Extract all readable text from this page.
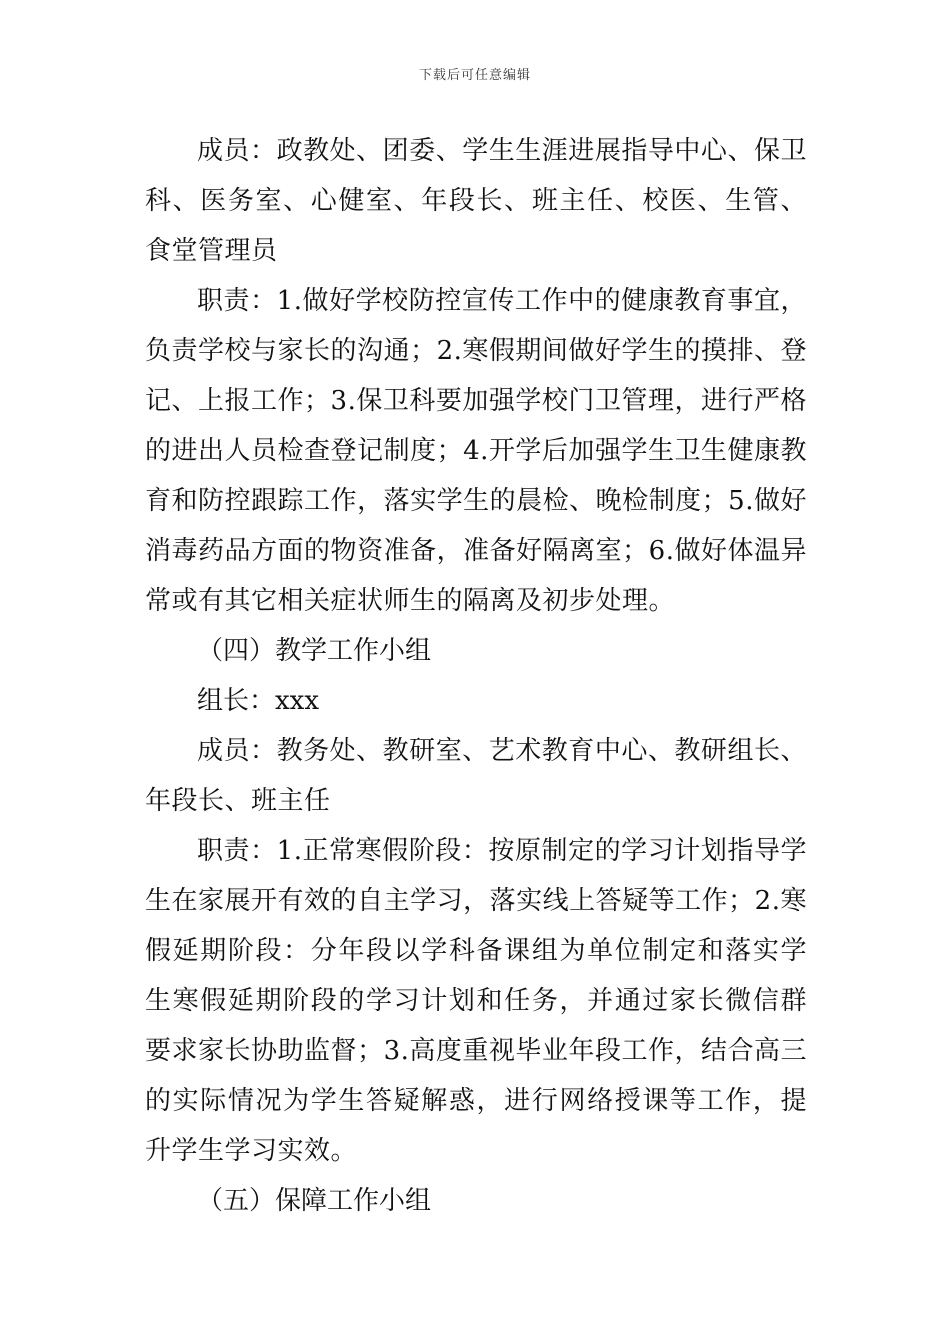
下载后可任意编辑

成员：政教处、团委、学生生涯进展指导中心、保卫科、医务室、心健室、年段长、班主任、校医、生管、食堂管理员

职责：1.做好学校防控宣传工作中的健康教育事宜，负责学校与家长的沟通；2.寒假期间做好学生的摸排、登记、上报工作；3.保卫科要加强学校门卫管理，进行严格的进出人员检查登记制度；4.开学后加强学生卫生健康教育和防控跟踪工作，落实学生的晨检、晚检制度；5.做好消毒药品方面的物资准备，准备好隔离室；6.做好体温异常或有其它相关症状师生的隔离及初步处理。

（四）教学工作小组

组长：xxx

成员：教务处、教研室、艺术教育中心、教研组长、年段长、班主任

职责：1.正常寒假阶段：按原制定的学习计划指导学生在家展开有效的自主学习，落实线上答疑等工作；2.寒假延期阶段：分年段以学科备课组为单位制定和落实学生寒假延期阶段的学习计划和任务，并通过家长微信群要求家长协助监督；3.高度重视毕业年段工作，结合高三的实际情况为学生答疑解惑，进行网络授课等工作，提升学生学习实效。

（五）保障工作小组
